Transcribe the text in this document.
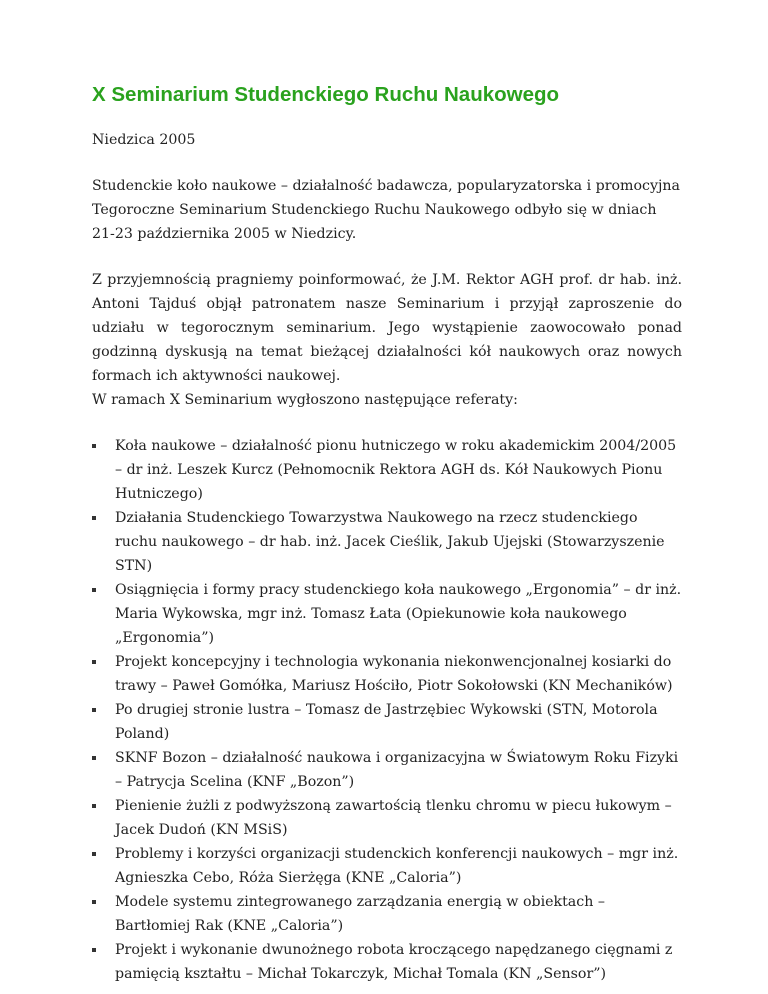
X Seminarium Studenckiego Ruchu Naukowego

Niedzica 2005

Studenckie koło naukowe – działalność badawcza, popularyzatorska i promocyjna Tegoroczne Seminarium Studenckiego Ruchu Naukowego odbyło się w dniach 21-23 października 2005 w Niedzicy.

Z przyjemnością pragniemy poinformować, że J.M. Rektor AGH prof. dr hab. inż. Antoni Tajduś objął patronatem nasze Seminarium i przyjął zaproszenie do udziału w tegorocznym seminarium. Jego wystąpienie zaowocowało ponad godzinną dyskusją na temat bieżącej działalności kół naukowych oraz nowych formach ich aktywności naukowej.

W ramach X Seminarium wygłoszono następujące referaty:

Koła naukowe – działalność pionu hutniczego w roku akademickim 2004/2005 – dr inż. Leszek Kurcz (Pełnomocnik Rektora AGH ds. Kół Naukowych Pionu Hutniczego)
Działania Studenckiego Towarzystwa Naukowego na rzecz studenckiego ruchu naukowego – dr hab. inż. Jacek Cieślik, Jakub Ujejski (Stowarzyszenie STN)
Osiągnięcia i formy pracy studenckiego koła naukowego „Ergonomia” – dr inż. Maria Wykowska, mgr inż. Tomasz Łata (Opiekunowie koła naukowego „Ergonomia”)
Projekt koncepcyjny i technologia wykonania niekonwencjonalnej kosiarki do trawy – Paweł Gomółka, Mariusz Hościło, Piotr Sokołowski (KN Mechaników)
Po drugiej stronie lustra – Tomasz de Jastrzębiec Wykowski (STN, Motorola Poland)
SKNF Bozon – działalność naukowa i organizacyjna w Światowym Roku Fizyki – Patrycja Scelina (KNF „Bozon”)
Pienienie żużli z podwyższoną zawartością tlenku chromu w piecu łukowym – Jacek Dudoń (KN MSiS)
Problemy i korzyści organizacji studenckich konferencji naukowych – mgr inż. Agnieszka Cebo, Róża Sierżęga (KNE „Caloria”)
Modele systemu zintegrowanego zarządzania energią w obiektach – Bartłomiej Rak (KNE „Caloria”)
Projekt i wykonanie dwunożnego robota kroczącego napędzanego cięgnami z pamięcią kształtu – Michał Tokarczyk, Michał Tomala (KN „Sensor”)
